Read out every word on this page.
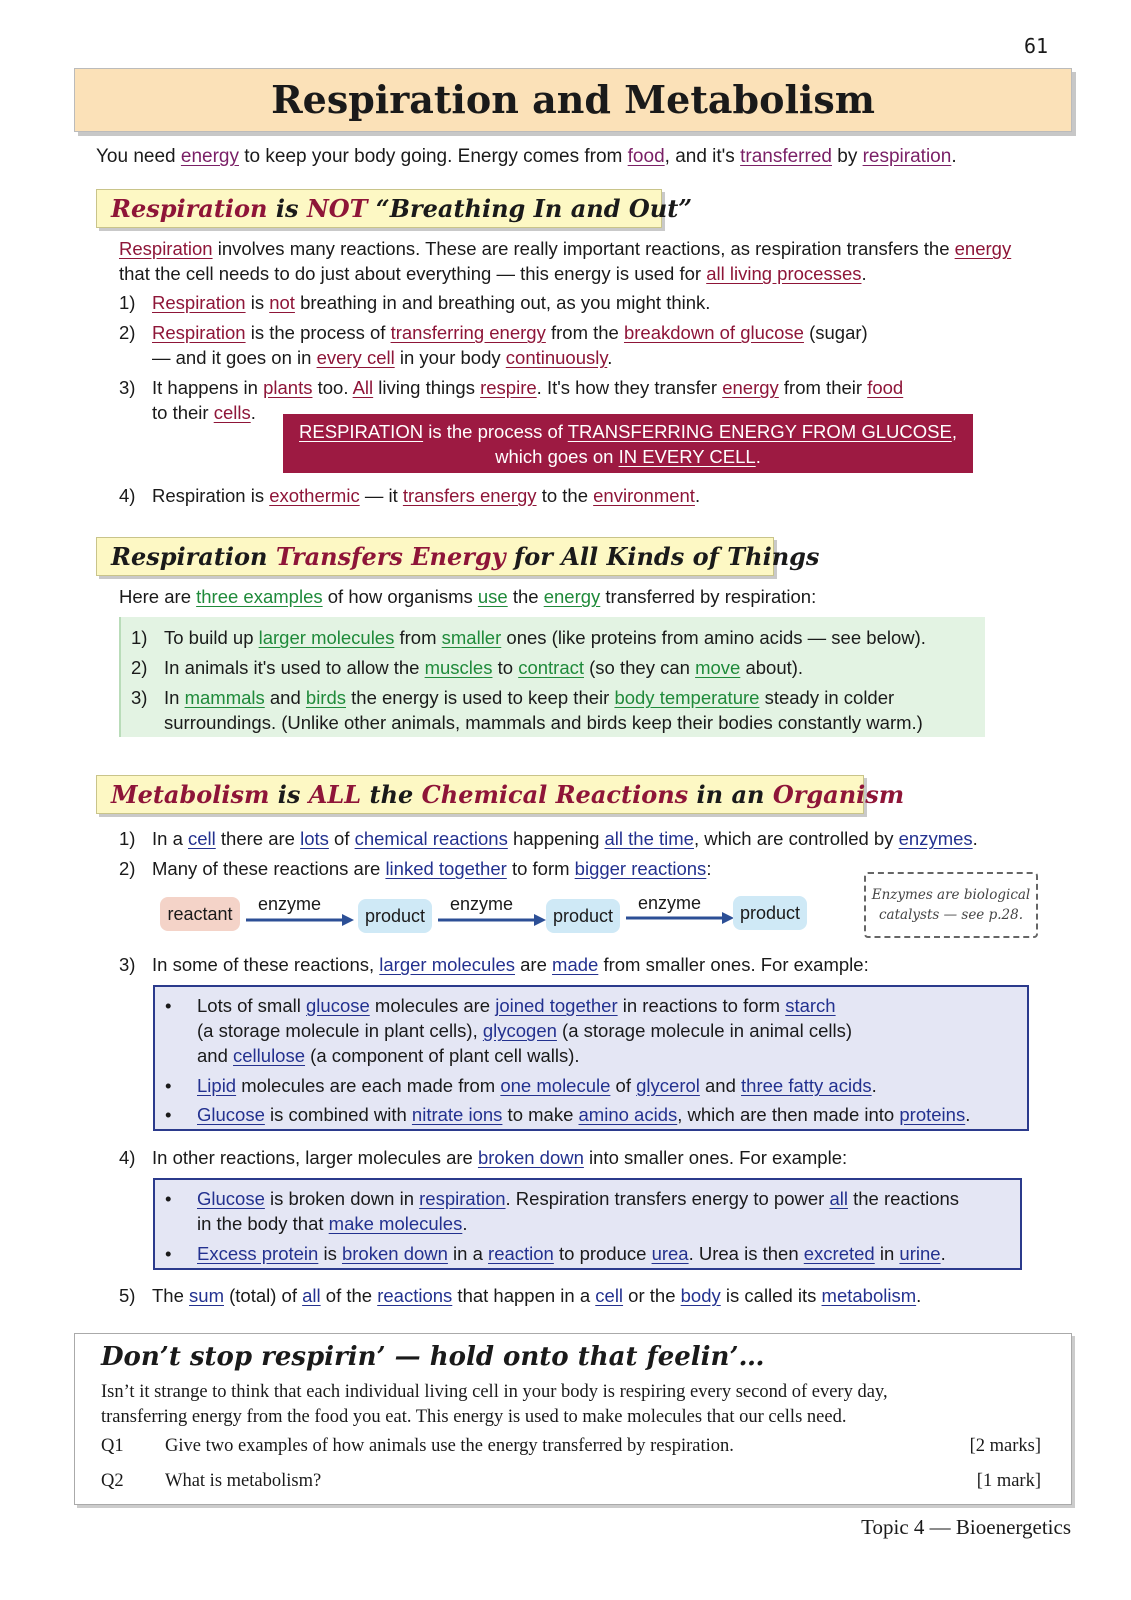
61
Respiration and Metabolism
You need energy to keep your body going. Energy comes from food, and it's transferred by respiration.
Respiration is NOT “Breathing In and Out”
Respiration involves many reactions. These are really important reactions, as respiration transfers the energy
that the cell needs to do just about everything — this energy is used for all living processes.
1) Respiration is not breathing in and breathing out, as you might think.
2) Respiration is the process of transferring energy from the breakdown of glucose (sugar)
— and it goes on in every cell in your body continuously.
3) It happens in plants too. All living things respire. It's how they transfer energy from their food
to their cells.
RESPIRATION is the process of TRANSFERRING ENERGY FROM GLUCOSE,
which goes on IN EVERY CELL.
4) Respiration is exothermic — it transfers energy to the environment.
Respiration Transfers Energy for All Kinds of Things
Here are three examples of how organisms use the energy transferred by respiration:
1) To build up larger molecules from smaller ones (like proteins from amino acids — see below).
2) In animals it's used to allow the muscles to contract (so they can move about).
3) In mammals and birds the energy is used to keep their body temperature steady in colder
surroundings. (Unlike other animals, mammals and birds keep their bodies constantly warm.)
Metabolism is ALL the Chemical Reactions in an Organism
1) In a cell there are lots of chemical reactions happening all the time, which are controlled by enzymes.
2) Many of these reactions are linked together to form bigger reactions:
reactant	enzyme
product
enzyme
product
enzyme	product
Enzymes are biological
catalysts — see p.28.
3) In some of these reactions, larger molecules are made from smaller ones. For example:
• Lots of small glucose molecules are joined together in reactions to form starch
(a storage molecule in plant cells), glycogen (a storage molecule in animal cells)
and cellulose (a component of plant cell walls).
• Lipid molecules are each made from one molecule of glycerol and three fatty acids.
• Glucose is combined with nitrate ions to make amino acids, which are then made into proteins.
4) In other reactions, larger molecules are broken down into smaller ones. For example:
• Glucose is broken down in respiration. Respiration transfers energy to power all the reactions
in the body that make molecules.
• Excess protein is broken down in a reaction to produce urea. Urea is then excreted in urine.
5) The sum (total) of all of the reactions that happen in a cell or the body is called its metabolism.
Don’t stop respirin’ — hold onto that feelin’…
Isn’t it strange to think that each individual living cell in your body is respiring every second of every day,
transferring energy from the food you eat. This energy is used to make molecules that our cells need.
Q1 Give two examples of how animals use the energy transferred by respiration.	[2 marks]
Q2 What is metabolism?	[1 mark]
Topic 4 — Bioenergetics
